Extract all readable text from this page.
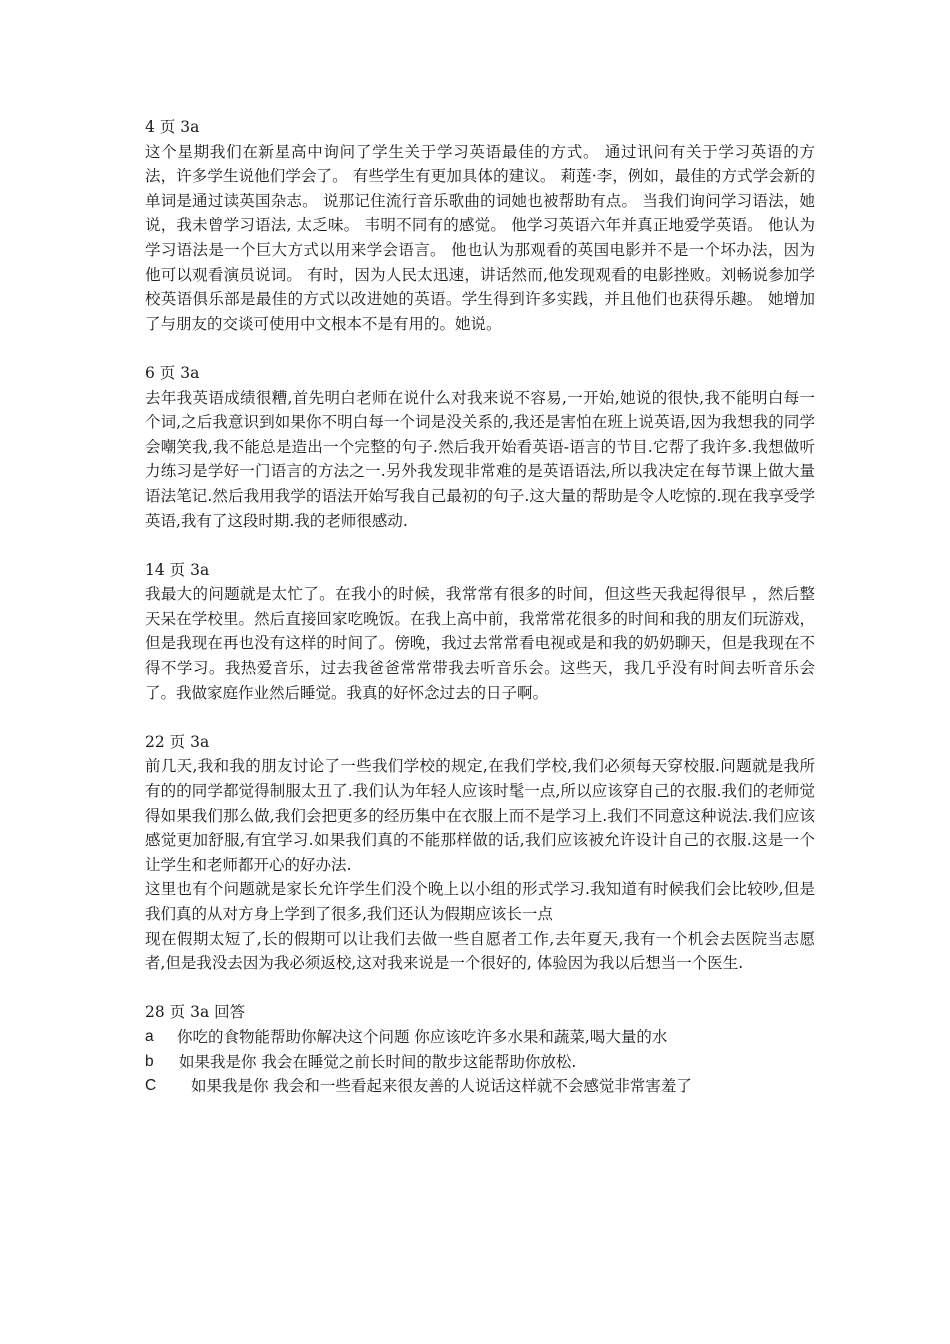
4 页 3a

这个星期我们在新星高中询问了学生关于学习英语最佳的方式。 通过讯问有关于学习英语的方法，许多学生说他们学会了。 有些学生有更加具体的建议。 莉莲·李，例如，最佳的方式学会新的单词是通过读英国杂志。 说那记住流行音乐歌曲的词她也被帮助有点。 当我们询问学习语法，她说，我未曾学习语法, 太乏味。 韦明不同有的感觉。 他学习英语六年并真正地爱学英语。 他认为学习语法是一个巨大方式以用来学会语言。 他也认为那观看的英国电影并不是一个坏办法，因为他可以观看演员说词。 有时，因为人民太迅速，讲话然而,他发现观看的电影挫败。刘畅说参加学校英语俱乐部是最佳的方式以改进她的英语。学生得到许多实践，并且他们也获得乐趣。 她增加了与朋友的交谈可使用中文根本不是有用的。她说。

6 页 3a

去年我英语成绩很糟,首先明白老师在说什么对我来说不容易,一开始,她说的很快,我不能明白每一个词,之后我意识到如果你不明白每一个词是没关系的,我还是害怕在班上说英语,因为我想我的同学会嘲笑我,我不能总是造出一个完整的句子.然后我开始看英语-语言的节目.它帮了我许多.我想做听力练习是学好一门语言的方法之一.另外我发现非常难的是英语语法,所以我决定在每节课上做大量语法笔记.然后我用我学的语法开始写我自己最初的句子.这大量的帮助是令人吃惊的.现在我享受学英语,我有了这段时期.我的老师很感动.

14 页 3a

我最大的问题就是太忙了。在我小的时候，我常常有很多的时间，但这些天我起得很早 ，然后整天呆在学校里。然后直接回家吃晚饭。在我上高中前，我常常花很多的时间和我的朋友们玩游戏，但是我现在再也没有这样的时间了。傍晚，我过去常常看电视或是和我的奶奶聊天，但是我现在不得不学习。我热爱音乐，过去我爸爸常常带我去听音乐会。这些天，我几乎没有时间去听音乐会了。我做家庭作业然后睡觉。我真的好怀念过去的日子啊。

22 页 3a

前几天,我和我的朋友讨论了一些我们学校的规定,在我们学校,我们必须每天穿校服.问题就是我所有的的同学都觉得制服太丑了.我们认为年轻人应该时髦一点,所以应该穿自己的衣服.我们的老师觉得如果我们那么做,我们会把更多的经历集中在衣服上而不是学习上.我们不同意这种说法.我们应该感觉更加舒服,有宜学习.如果我们真的不能那样做的话,我们应该被允许设计自己的衣服.这是一个让学生和老师都开心的好办法.

这里也有个问题就是家长允许学生们没个晚上以小组的形式学习.我知道有时候我们会比较吵,但是我们真的从对方身上学到了很多,我们还认为假期应该长一点

现在假期太短了,长的假期可以让我们去做一些自愿者工作,去年夏天,我有一个机会去医院当志愿者,但是我没去因为我必须返校,这对我来说是一个很好的, 体验因为我以后想当一个医生.

28 页 3a 回答
a	你吃的食物能帮助你解决这个问题 你应该吃许多水果和蔬菜,喝大量的水
b	如果我是你 我会在睡觉之前长时间的散步这能帮助你放松.
C	如果我是你 我会和一些看起来很友善的人说话这样就不会感觉非常害羞了
